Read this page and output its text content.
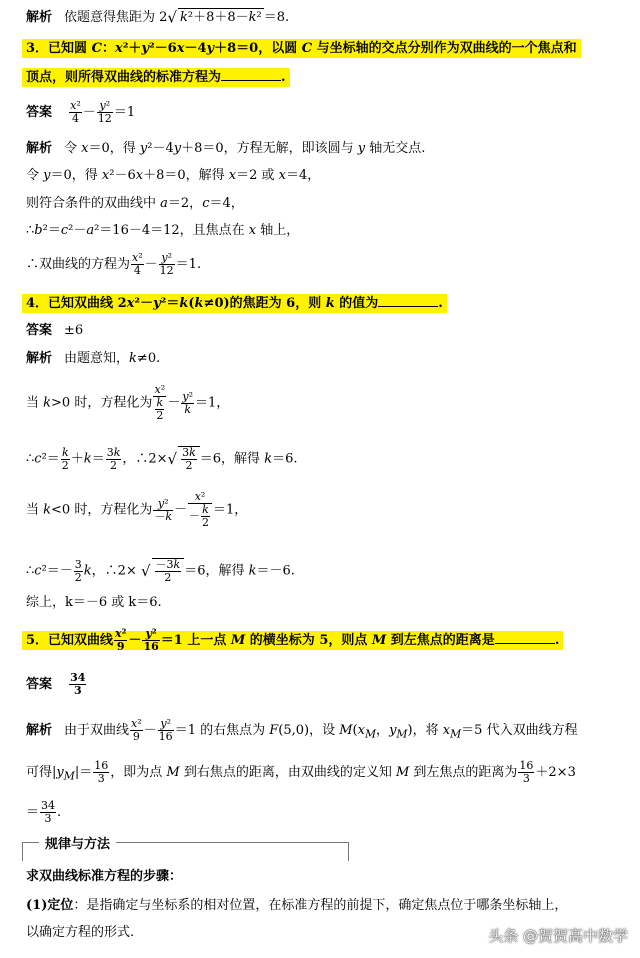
解析 依题意得焦距为 2√ k²＋8＋8－k² ＝8.
3．已知圆 C：x²＋y²－6x－4y＋8＝0，以圆 C 与坐标轴的交点分别作为双曲线的一个焦点和
顶点，则所得双曲线的标准方程为	.
答案 $\frac{\text{x²}}{4} - \frac{\text{y²}}{12} =1$
解析 令 x＝0，得 y²－4y＋8＝0，方程无解，即该圆与 y 轴无交点.
令 y＝0，得 x²－6x＋8＝0，解得 x＝2 或 x＝4，
则符合条件的双曲线中 a＝2，c＝4，
∴b²＝c²－a²＝16－4＝12，且焦点在 x 轴上，
∴双曲线的方程为 $\frac{\text{x²}}{4} - \frac{\text{y²}}{12} =1$.
4．已知双曲线 2x²－y²＝k(k≠0)的焦距为 6，则 k 的值为	.
答案 ±6
解析 由题意知，k≠0.
当 k>0 时，方程化为 $\frac{\text{x²}}{\frac{k}{2}} - \frac{\text{y²}}{k} =1$，
∴c²＝ $\frac{k}{2} +k= \frac{3k}{2}$ ，∴2×√ $\frac{3k}{2} =6$，解得 k＝6.
当 k<0 时，方程化为 $\frac{\text{y²}}{-k} - \frac{\text{x²}}{- \frac{k}{2}} =1$，
∴c²＝－ $\frac{3}{2}$ k，∴2× √ $\frac{-3k}{2} =6$，解得 k＝－6.
综上，k＝－6 或 k＝6.
5．已知双曲线 $\frac{\text{x²}}{9} - \frac{\text{y²}}{16} =1$ 上一点 M 的横坐标为 5，则点 M 到左焦点的距离是	.
答案 $\frac{34}{3}$
解析 由于双曲线 $\frac{\text{x²}}{9} - \frac{\text{y²}}{16} =1$ 的右焦点为 F(5,0)，设 $M(x_M$，$y_M$)，将 $x_M=5$ 代入双曲线方程
可得$|y_M|= \frac{16}{3}$ ，即为点 M 到右焦点的距离，由双曲线的定义知 M 到左焦点的距离为 $\frac{16}{3} +2\times 3$
＝ $\frac{34}{3}$ .
规律与方法
求双曲线标准方程的步骤：
(1)定位：是指确定与坐标系的相对位置，在标准方程的前提下，确定焦点位于哪条坐标轴上，
以确定方程的形式.	头条 @贺贺高中数学
